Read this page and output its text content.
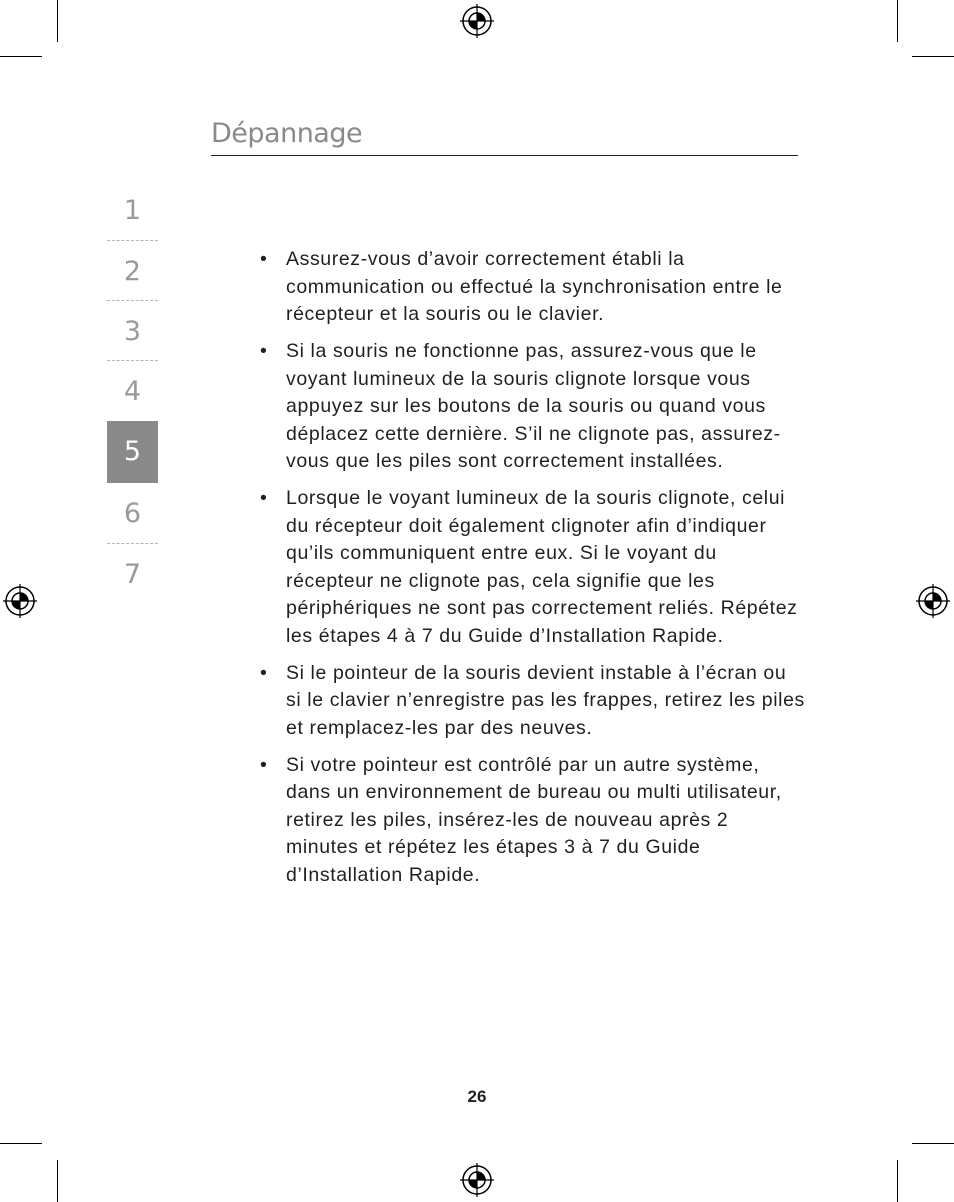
Dépannage
1
2
3
4
5
6
7
• Assurez-vous d’avoir correctement établi la communication ou effectué la synchronisation entre le récepteur et la souris ou le clavier.
• Si la souris ne fonctionne pas, assurez-vous que le voyant lumineux de la souris clignote lorsque vous appuyez sur les boutons de la souris ou quand vous déplacez cette dernière. S’il ne clignote pas, assurez-vous que les piles sont correctement installées.
• Lorsque le voyant lumineux de la souris clignote, celui du récepteur doit également clignoter afin d’indiquer qu’ils communiquent entre eux. Si le voyant du récepteur ne clignote pas, cela signifie que les périphériques ne sont pas correctement reliés. Répétez les étapes 4 à 7 du Guide d’Installation Rapide.
• Si le pointeur de la souris devient instable à l’écran ou si le clavier n’enregistre pas les frappes, retirez les piles et remplacez-les par des neuves.
• Si votre pointeur est contrôlé par un autre système, dans un environnement de bureau ou multi utilisateur, retirez les piles, insérez-les de nouveau après 2 minutes et répétez les étapes 3 à 7 du Guide d’Installation Rapide.
26
